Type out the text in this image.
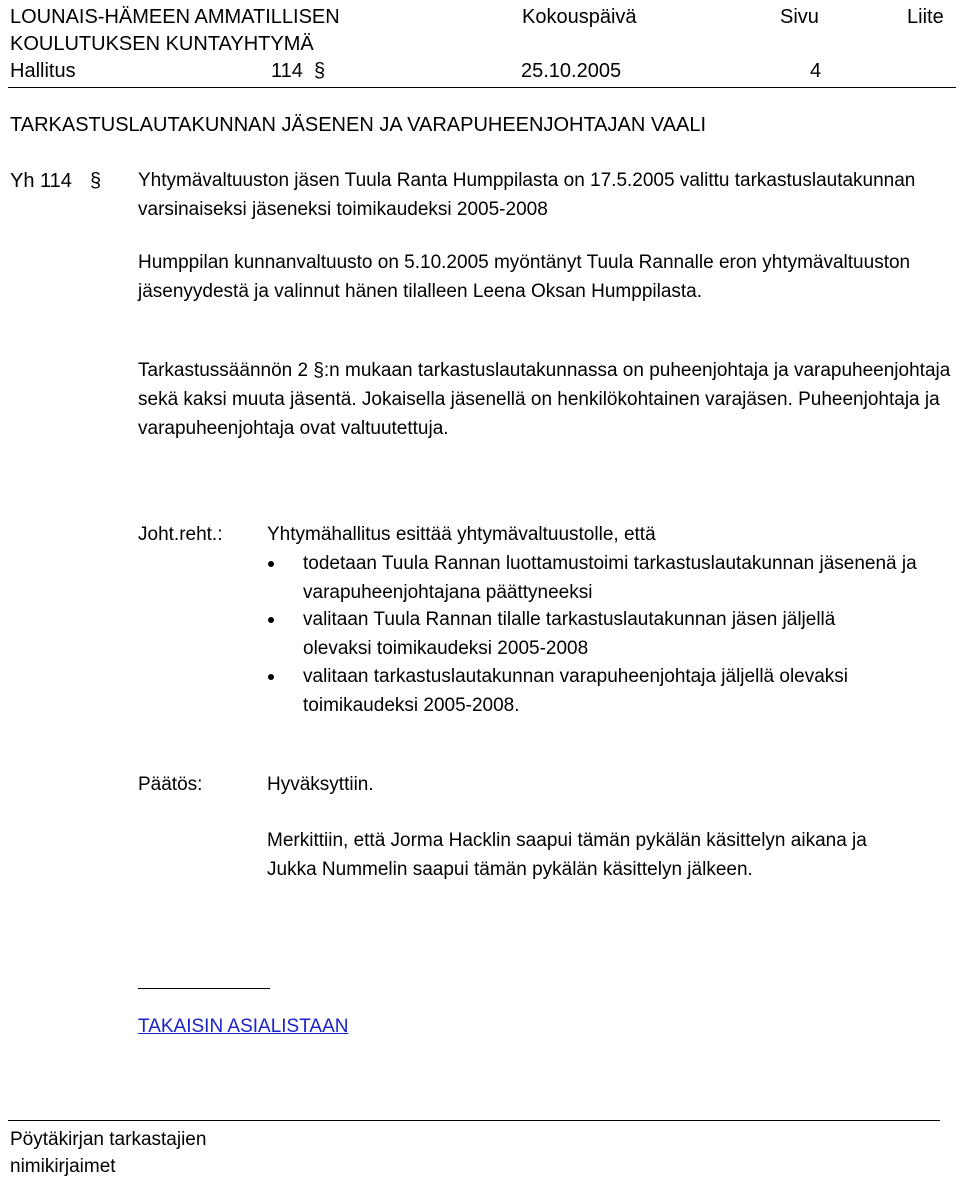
LOUNAIS-HÄMEEN AMMATILLISEN
KOULUTUKSEN KUNTAYHTYMÄ
Kokouspäivä	Sivu	Liite
Hallitus	114 §	25.10.2005	4
TARKASTUSLAUTAKUNNAN JÄSENEN JA VARAPUHEENJOHTAJAN VAALI
Yh 114 § Yhtymävaltuuston jäsen Tuula Ranta Humppilasta on 17.5.2005 valittu tarkastuslautakunnan varsinaiseksi jäseneksi toimikaudeksi 2005-2008
Humppilan kunnanvaltuusto on 5.10.2005 myöntänyt Tuula Rannalle eron yhtymävaltuuston jäsenyydestä ja valinnut hänen tilalleen Leena Oksan Humppilasta.
Tarkastussäännön 2 §:n mukaan tarkastuslautakunnassa on puheenjohtaja ja varapuheenjohtaja sekä kaksi muuta jäsentä. Jokaisella jäsenellä on henkilökohtainen varajäsen. Puheenjohtaja ja varapuheenjohtaja ovat valtuutettuja.
Joht.reht.: Yhtymähallitus esittää yhtymävaltuustolle, että
todetaan Tuula Rannan luottamustoimi tarkastuslautakunnan jäsenenä ja varapuheenjohtajana päättyneeksi
valitaan Tuula Rannan tilalle tarkastuslautakunnan jäsen jäljellä olevaksi toimikaudeksi 2005-2008
valitaan tarkastuslautakunnan varapuheenjohtaja jäljellä olevaksi toimikaudeksi 2005-2008.
Päätös:	Hyväksyttiin.
Merkittiin, että Jorma Hacklin saapui tämän pykälän käsittelyn aikana ja Jukka Nummelin saapui tämän pykälän käsittelyn jälkeen.
TAKAISIN ASIALISTAAN
Pöytäkirjan tarkastajien
nimikirjaimet
